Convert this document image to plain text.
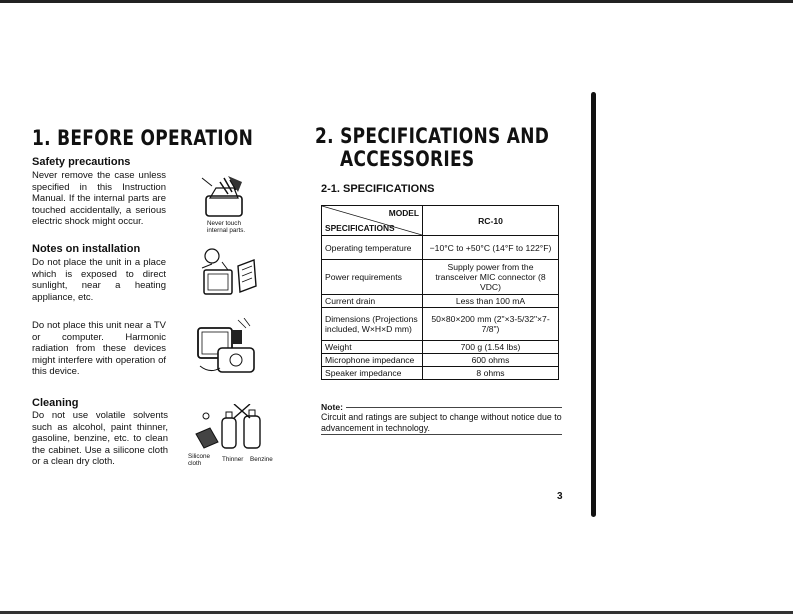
1. BEFORE OPERATION
Safety precautions
Never remove the case unless specified in this Instruction Manual. If the internal parts are touched accidentally, a serious electric shock might occur.	Never touch internal parts.
Notes on installation
Do not place the unit in a place which is exposed to direct sunlight, near a heating appliance, etc.
Do not place this unit near a TV or computer. Harmonic radiation from these devices might interfere with operation of this device.
Cleaning
Do not use volatile solvents such as alcohol, paint thinner, gasoline, benzine, etc. to clean the cabinet. Use a silicone cloth or a clean dry cloth.	Silicone cloth
Thinner Benzine
2. SPECIFICATIONS AND
ACCESSORIES
2-1. SPECIFICATIONS
MODEL
SPECIFICATIONS	RC-10
Operating temperature	−10°C to +50°C (14°F to 122°F)
Power requirements	Supply power from the transceiver MIC connector (8 VDC)
Current drain	Less than 100 mA
Dimensions (Projections included, W×H×D mm)	50×80×200 mm (2"×3-5/32"×7-7/8")
Weight	700 g (1.54 lbs)
Microphone impedance	600 ohms
Speaker impedance	8 ohms
Note:
Circuit and ratings are subject to change without notice due to advancement in technology.
3
